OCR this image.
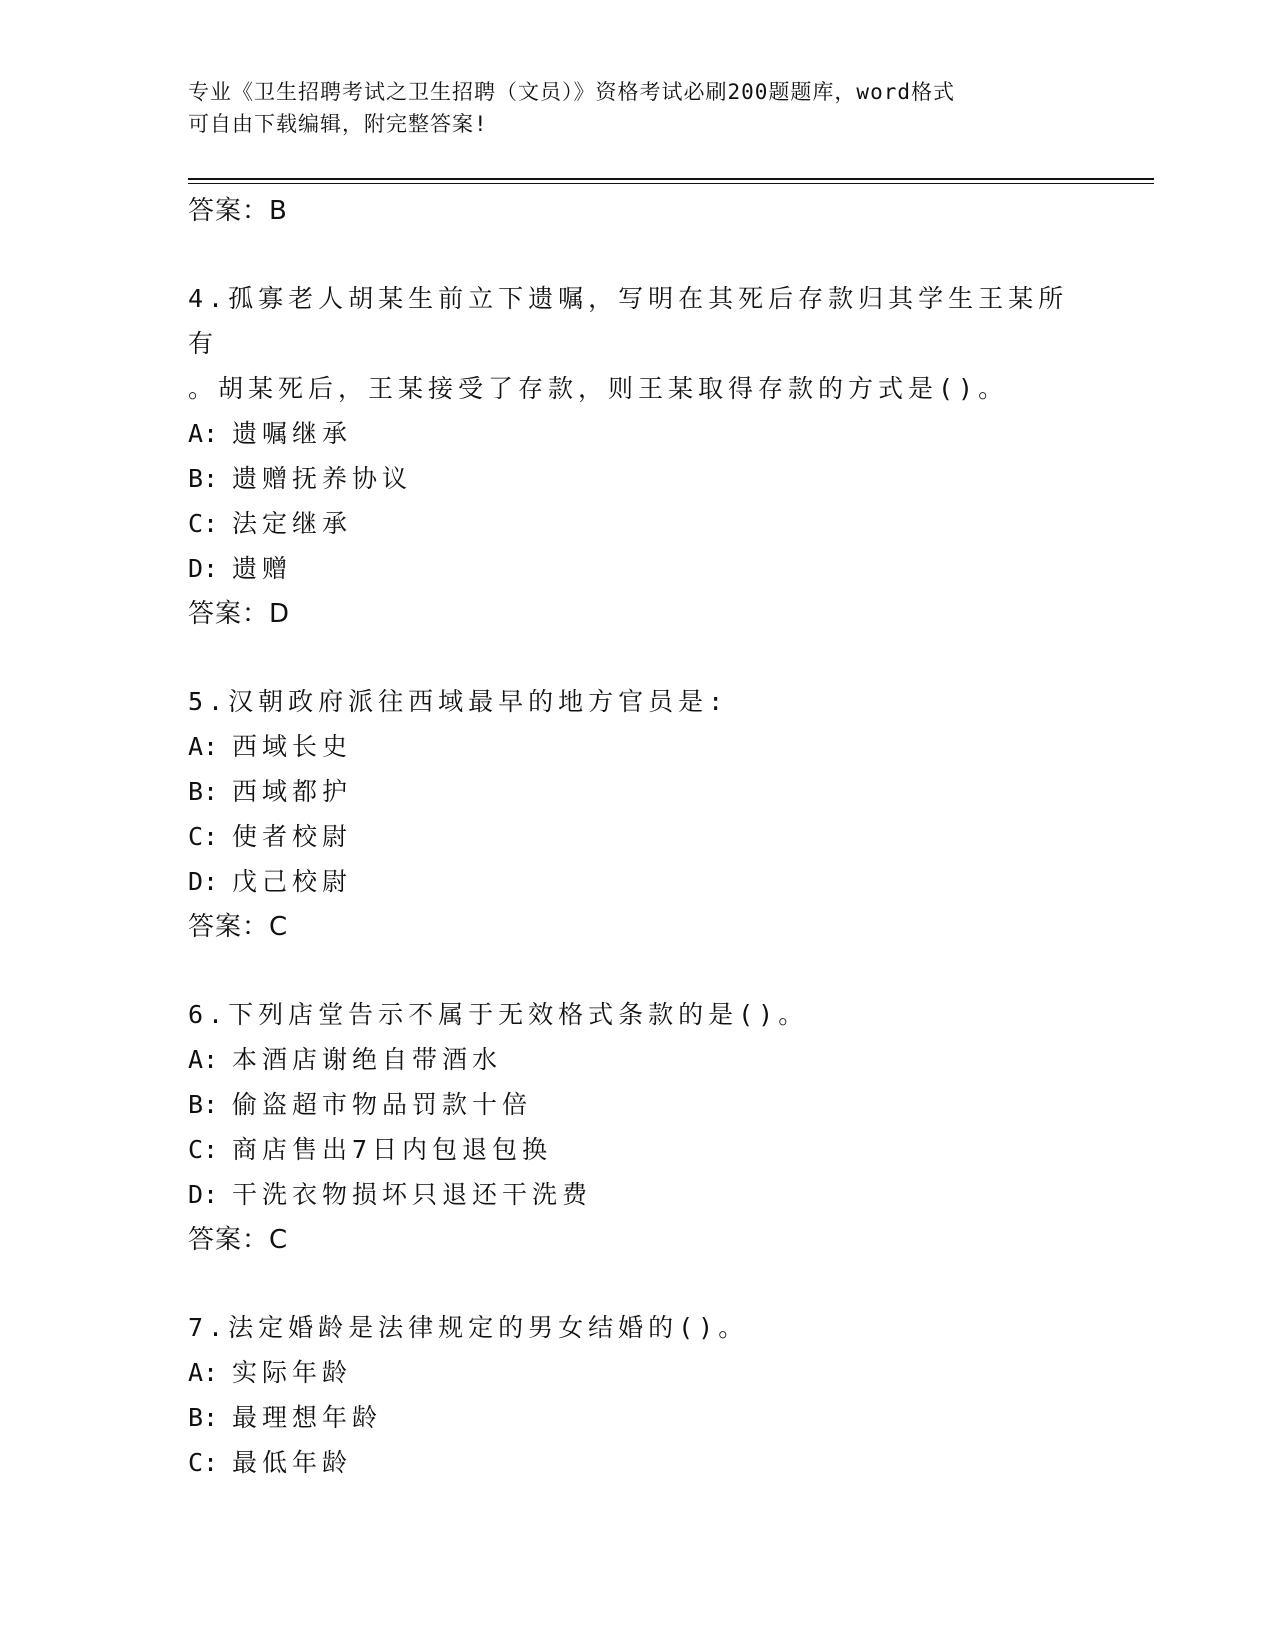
专业《卫生招聘考试之卫生招聘（文员）》资格考试必刷200题题库，word格式
可自由下载编辑，附完整答案!
答案：B
4.孤寡老人胡某生前立下遗嘱，写明在其死后存款归其学生王某所有
。胡某死后，王某接受了存款，则王某取得存款的方式是()。
A: 遗嘱继承
B: 遗赠抚养协议
C: 法定继承
D: 遗赠
答案：D
5.汉朝政府派往西域最早的地方官员是:
A: 西域长史
B: 西域都护
C: 使者校尉
D: 戊己校尉
答案：C
6.下列店堂告示不属于无效格式条款的是()。
A: 本酒店谢绝自带酒水
B: 偷盗超市物品罚款十倍
C: 商店售出7日内包退包换
D: 干洗衣物损坏只退还干洗费
答案：C
7.法定婚龄是法律规定的男女结婚的()。
A: 实际年龄
B: 最理想年龄
C: 最低年龄
